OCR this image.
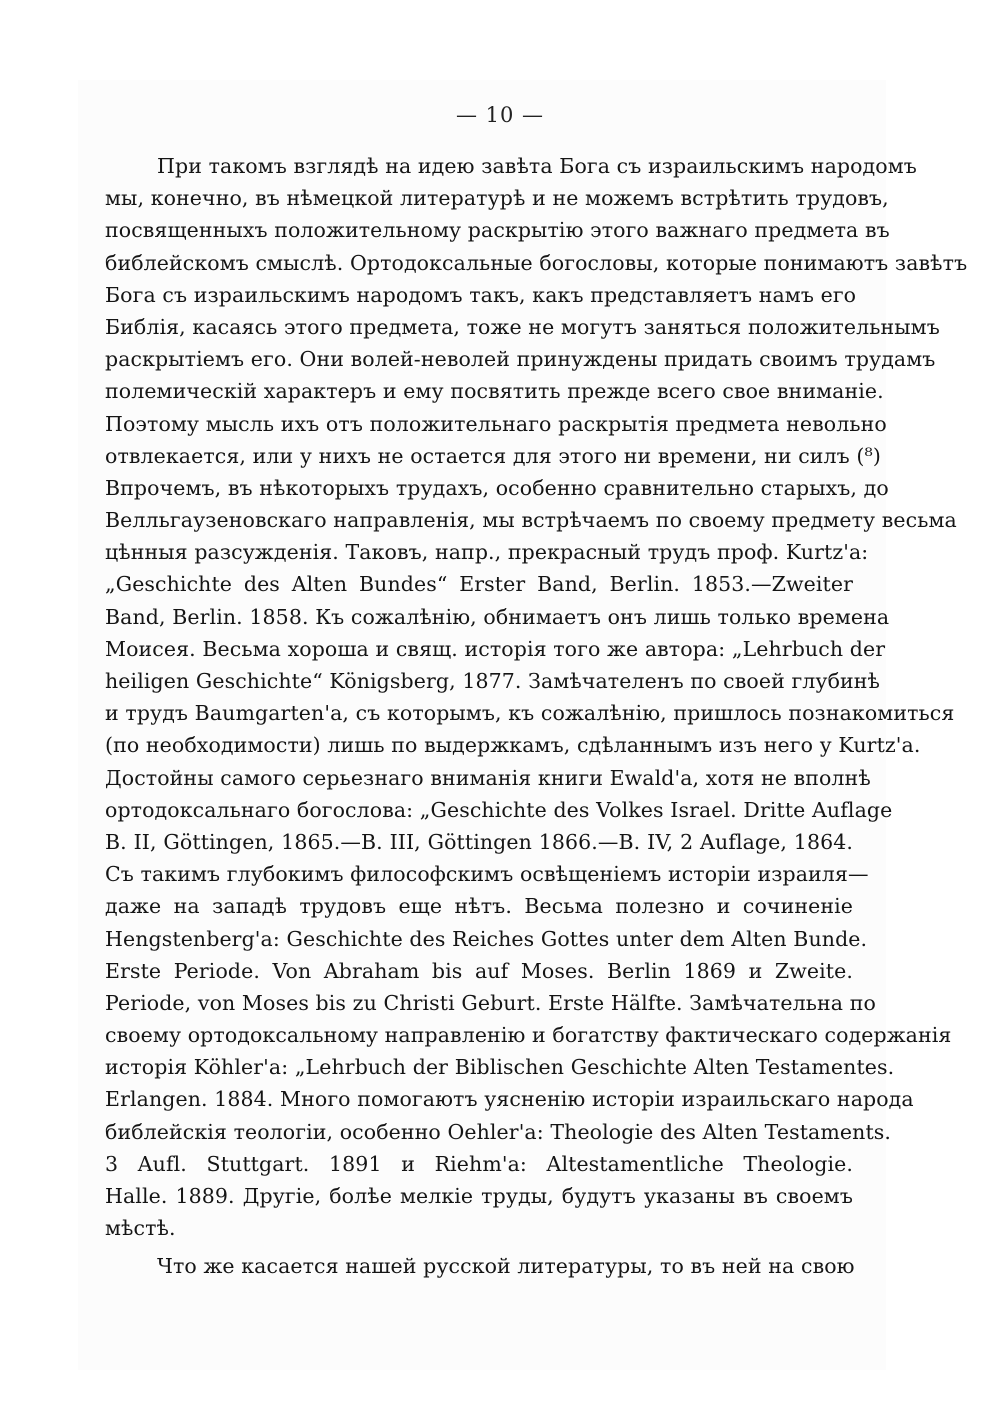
— 10 —
При такомъ взглядѣ на идею завѣта Бога съ израильскимъ народомъ
мы, конечно, въ нѣмецкой литературѣ и не можемъ встрѣтить трудовъ,
посвященныхъ положительному раскрытiю этого важнаго предмета въ
библейскомъ смыслѣ. Ортодоксальные богословы, которые понимаютъ завѣтъ
Бога съ израильскимъ народомъ такъ, какъ представляетъ намъ его
Библiя, касаясь этого предмета, тоже не могутъ заняться положительнымъ
раскрытiемъ его. Они волей-неволей принуждены придать своимъ трудамъ
полемическiй характеръ и ему посвятить прежде всего свое вниманiе.
Поэтому мысль ихъ отъ положительнаго раскрытiя предмета невольно
отвлекается, или у нихъ не остается для этого ни времени, ни силъ (⁸)
Впрочемъ, въ нѣкоторыхъ трудахъ, особенно сравнительно старыхъ, до
Велльгаузеновскаго направленiя, мы встрѣчаемъ по своему предмету весьма
цѣнныя разсужденiя. Таковъ, напр., прекрасный трудъ проф. Kurtz'a:
„Geschichte des Alten Bundes“ Erster Band, Berlin. 1853.—Zweiter
Band, Berlin. 1858. Къ сожалѣнiю, обнимаетъ онъ лишь только времена
Моисея. Весьма хороша и свящ. исторiя того же автора: „Lehrbuch der
heiligen Geschichte“ Königsberg, 1877. Замѣчателенъ по своей глубинѣ
и трудъ Baumgarten'a, съ которымъ, къ сожалѣнiю, пришлось познакомиться
(по необходимости) лишь по выдержкамъ, сдѣланнымъ изъ него у Kurtz'a.
Достойны самого серьезнаго вниманiя книги Ewald'a, хотя не вполнѣ
ортодоксальнаго богослова: „Geschichte des Volkes Israel. Dritte Auflage
B. II, Göttingen, 1865.—B. III, Göttingen 1866.—B. IV, 2 Auflage, 1864.
Съ такимъ глубокимъ философскимъ освѣщенiемъ исторiи израиля—
даже на западѣ трудовъ еще нѣтъ. Весьма полезно и сочиненiе
Hengstenberg'a: Geschichte des Reiches Gottes unter dem Alten Bunde.
Erste Periode. Von Abraham bis auf Moses. Berlin 1869 и Zweite.
Periode, von Moses bis zu Christi Geburt. Erste Hälfte. Замѣчательна по
своему ортодоксальному направленiю и богатству фактическаго содержанiя
исторiя Köhler'a: „Lehrbuch der Biblischen Geschichte Alten Testamentes.
Erlangen. 1884. Много помогаютъ уясненiю исторiи израильскаго народа
библейскiя теологiи, особенно Oehler'a: Theologie des Alten Testaments.
3 Aufl. Stuttgart. 1891 и Riehm'a: Altestamentliche Theologie.
Halle. 1889. Другiе, болѣе мелкiе труды, будутъ указаны въ своемъ
мѣстѣ.
Что же касается нашей русской литературы, то въ ней на свою
